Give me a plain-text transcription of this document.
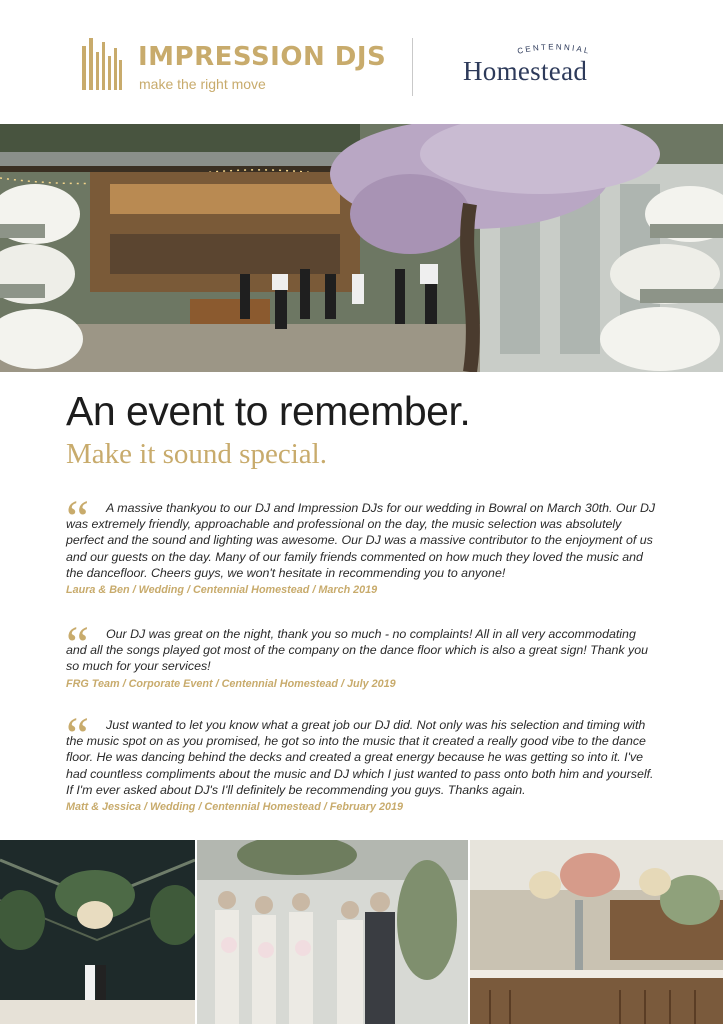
IMPRESSION DJS
make the right move
CENTENNIAL
Homestead
An event to remember.
Make it sound special.
“	A massive thankyou to our DJ and Impression DJs for our wedding in Bowral on March 30th. Our DJ was extremely friendly, approachable and professional on the day, the music selection was absolutely perfect and the sound and lighting was awesome. Our DJ was a massive contributor to the enjoyment of us and our guests on the day. Many of our family friends commented on how much they loved the music and the dancefloor. Cheers guys, we won't hesitate in recommending you to anyone!

Laura & Ben / Wedding / Centennial Homestead / March 2019

“	Our DJ was great on the night, thank you so much - no complaints! All in all very accommodating and all the songs played got most of the company on the dance floor which is also a great sign! Thank you so much for your services!

FRG Team / Corporate Event / Centennial Homestead / July 2019

“	Just wanted to let you know what a great job our DJ did. Not only was his selection and timing with the music spot on as you promised, he got so into the music that it created a really good vibe to the dance floor. He was dancing behind the decks and created a great energy because he was getting so into it. I've had countless compliments about the music and DJ which I just wanted to pass onto both him and yourself. If I'm ever asked about DJ's I'll definitely be recommending you guys. Thanks again.

Matt & Jessica / Wedding / Centennial Homestead / February 2019
